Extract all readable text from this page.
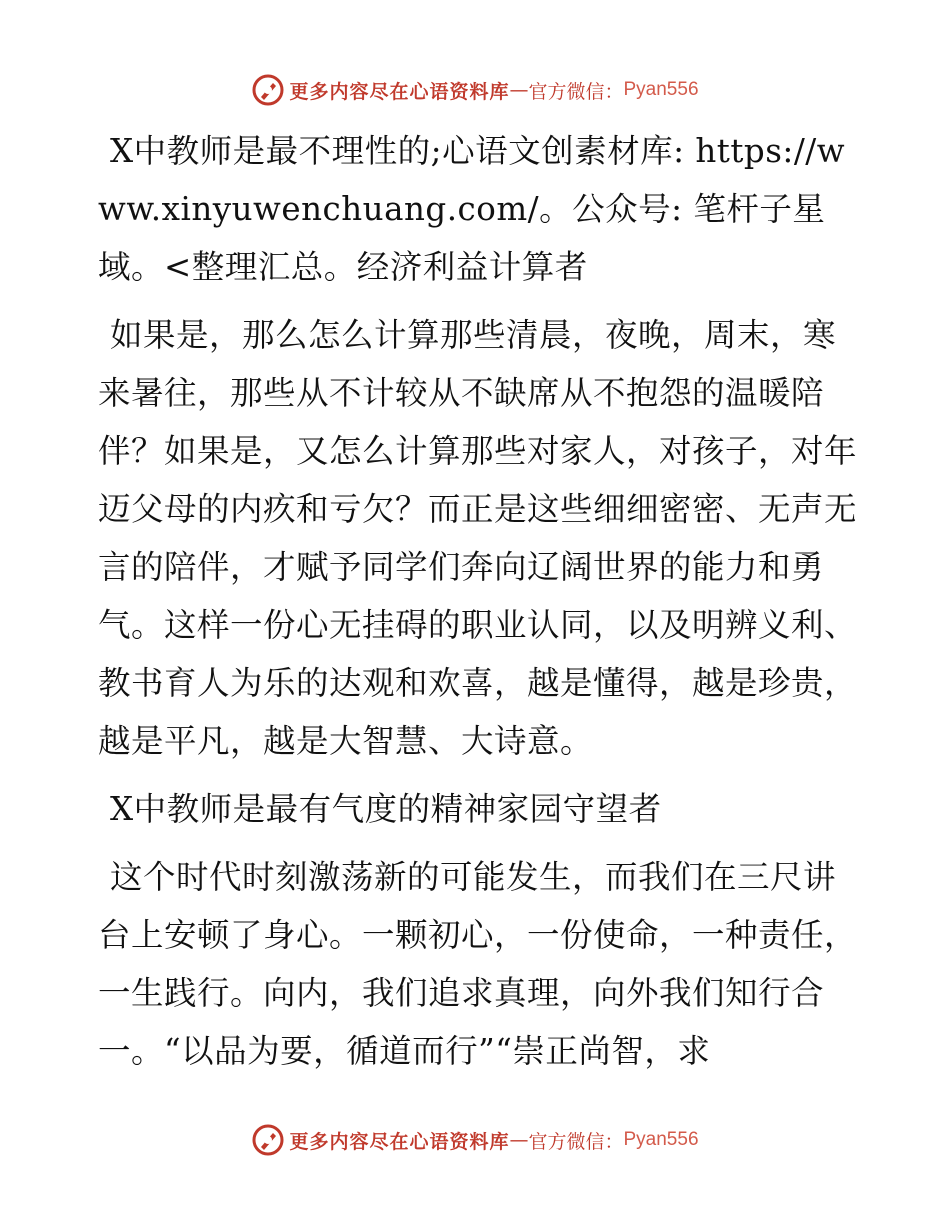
更多内容尽在心语资料库 — 官方微信： Pyan556

X中教师是最不理性的;心语文创素材库: https://www.xinyuwenchuang.com/。公众号: 笔杆子星域。<整理汇总。经济利益计算者

如果是，那么怎么计算那些清晨，夜晚，周末，寒来暑往，那些从不计较从不缺席从不抱怨的温暖陪伴？如果是，又怎么计算那些对家人，对孩子，对年迈父母的内疚和亏欠？而正是这些细细密密、无声无言的陪伴，才赋予同学们奔向辽阔世界的能力和勇气。这样一份心无挂碍的职业认同，以及明辨义利、教书育人为乐的达观和欢喜，越是懂得，越是珍贵，越是平凡，越是大智慧、大诗意。

X中教师是最有气度的精神家园守望者

这个时代时刻激荡新的可能发生，而我们在三尺讲台上安顿了身心。一颗初心，一份使命，一种责任，一生践行。向内，我们追求真理，向外我们知行合一。“以品为要，循道而行”“崇正尚智，求

更多内容尽在心语资料库 — 官方微信： Pyan556
